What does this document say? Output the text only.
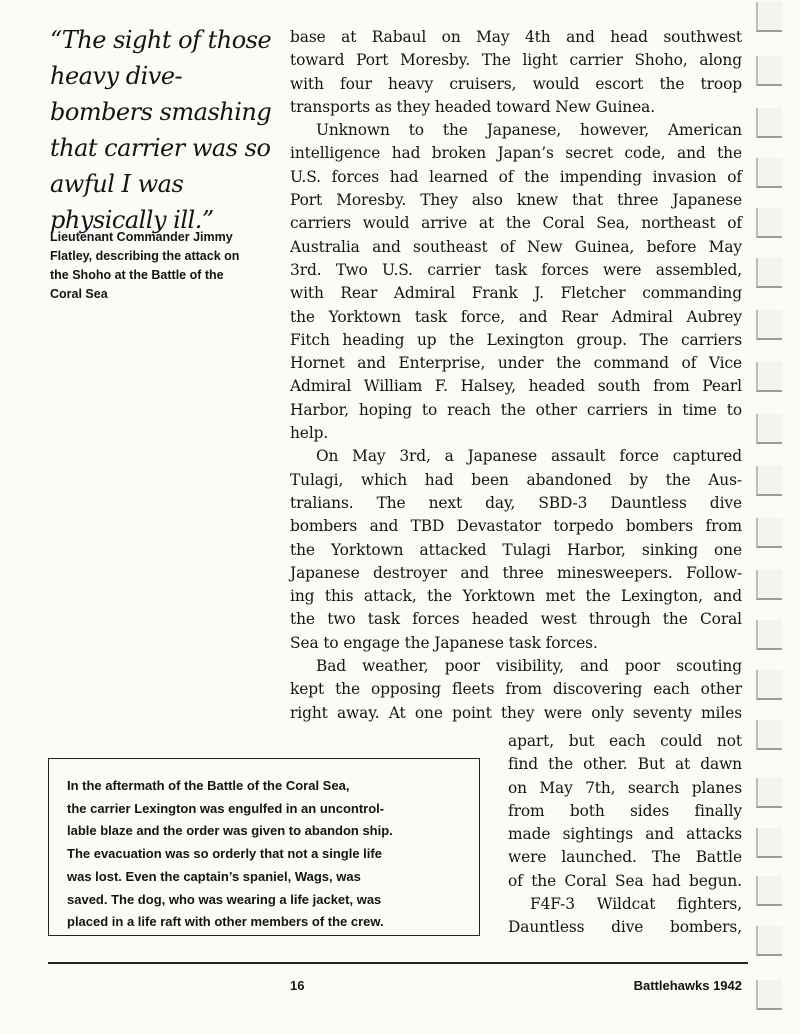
“The sight of those
heavy dive-
bombers smashing
that carrier was so
awful I was
physically ill.”
Lieutenant Commander Jimmy
Flatley, describing the attack on
the Shoho at the Battle of the
Coral Sea
base at Rabaul on May 4th and head southwest
toward Port Moresby. The light carrier Shoho, along
with four heavy cruisers, would escort the troop
transports as they headed toward New Guinea.
Unknown to the Japanese, however, American
intelligence had broken Japan’s secret code, and the
U.S. forces had learned of the impending invasion of
Port Moresby. They also knew that three Japanese
carriers would arrive at the Coral Sea, northeast of
Australia and southeast of New Guinea, before May
3rd. Two U.S. carrier task forces were assembled,
with Rear Admiral Frank J. Fletcher commanding
the Yorktown task force, and Rear Admiral Aubrey
Fitch heading up the Lexington group. The carriers
Hornet and Enterprise, under the command of Vice
Admiral William F. Halsey, headed south from Pearl
Harbor, hoping to reach the other carriers in time to
help.
On May 3rd, a Japanese assault force captured
Tulagi, which had been abandoned by the Aus-
tralians. The next day, SBD-3 Dauntless dive
bombers and TBD Devastator torpedo bombers from
the Yorktown attacked Tulagi Harbor, sinking one
Japanese destroyer and three minesweepers. Follow-
ing this attack, the Yorktown met the Lexington, and
the two task forces headed west through the Coral
Sea to engage the Japanese task forces.
Bad weather, poor visibility, and poor scouting
kept the opposing fleets from discovering each other
right away. At one point they were only seventy miles
apart, but each could not
find the other. But at dawn
on May 7th, search planes
from both sides finally
made sightings and attacks
were launched. The Battle
of the Coral Sea had begun.
F4F-3 Wildcat fighters,
Dauntless dive bombers,
In the aftermath of the Battle of the Coral Sea,
the carrier Lexington was engulfed in an uncontrol-
lable blaze and the order was given to abandon ship.
The evacuation was so orderly that not a single life
was lost. Even the captain’s spaniel, Wags, was
saved. The dog, who was wearing a life jacket, was
placed in a life raft with other members of the crew.
16	Battlehawks 1942
